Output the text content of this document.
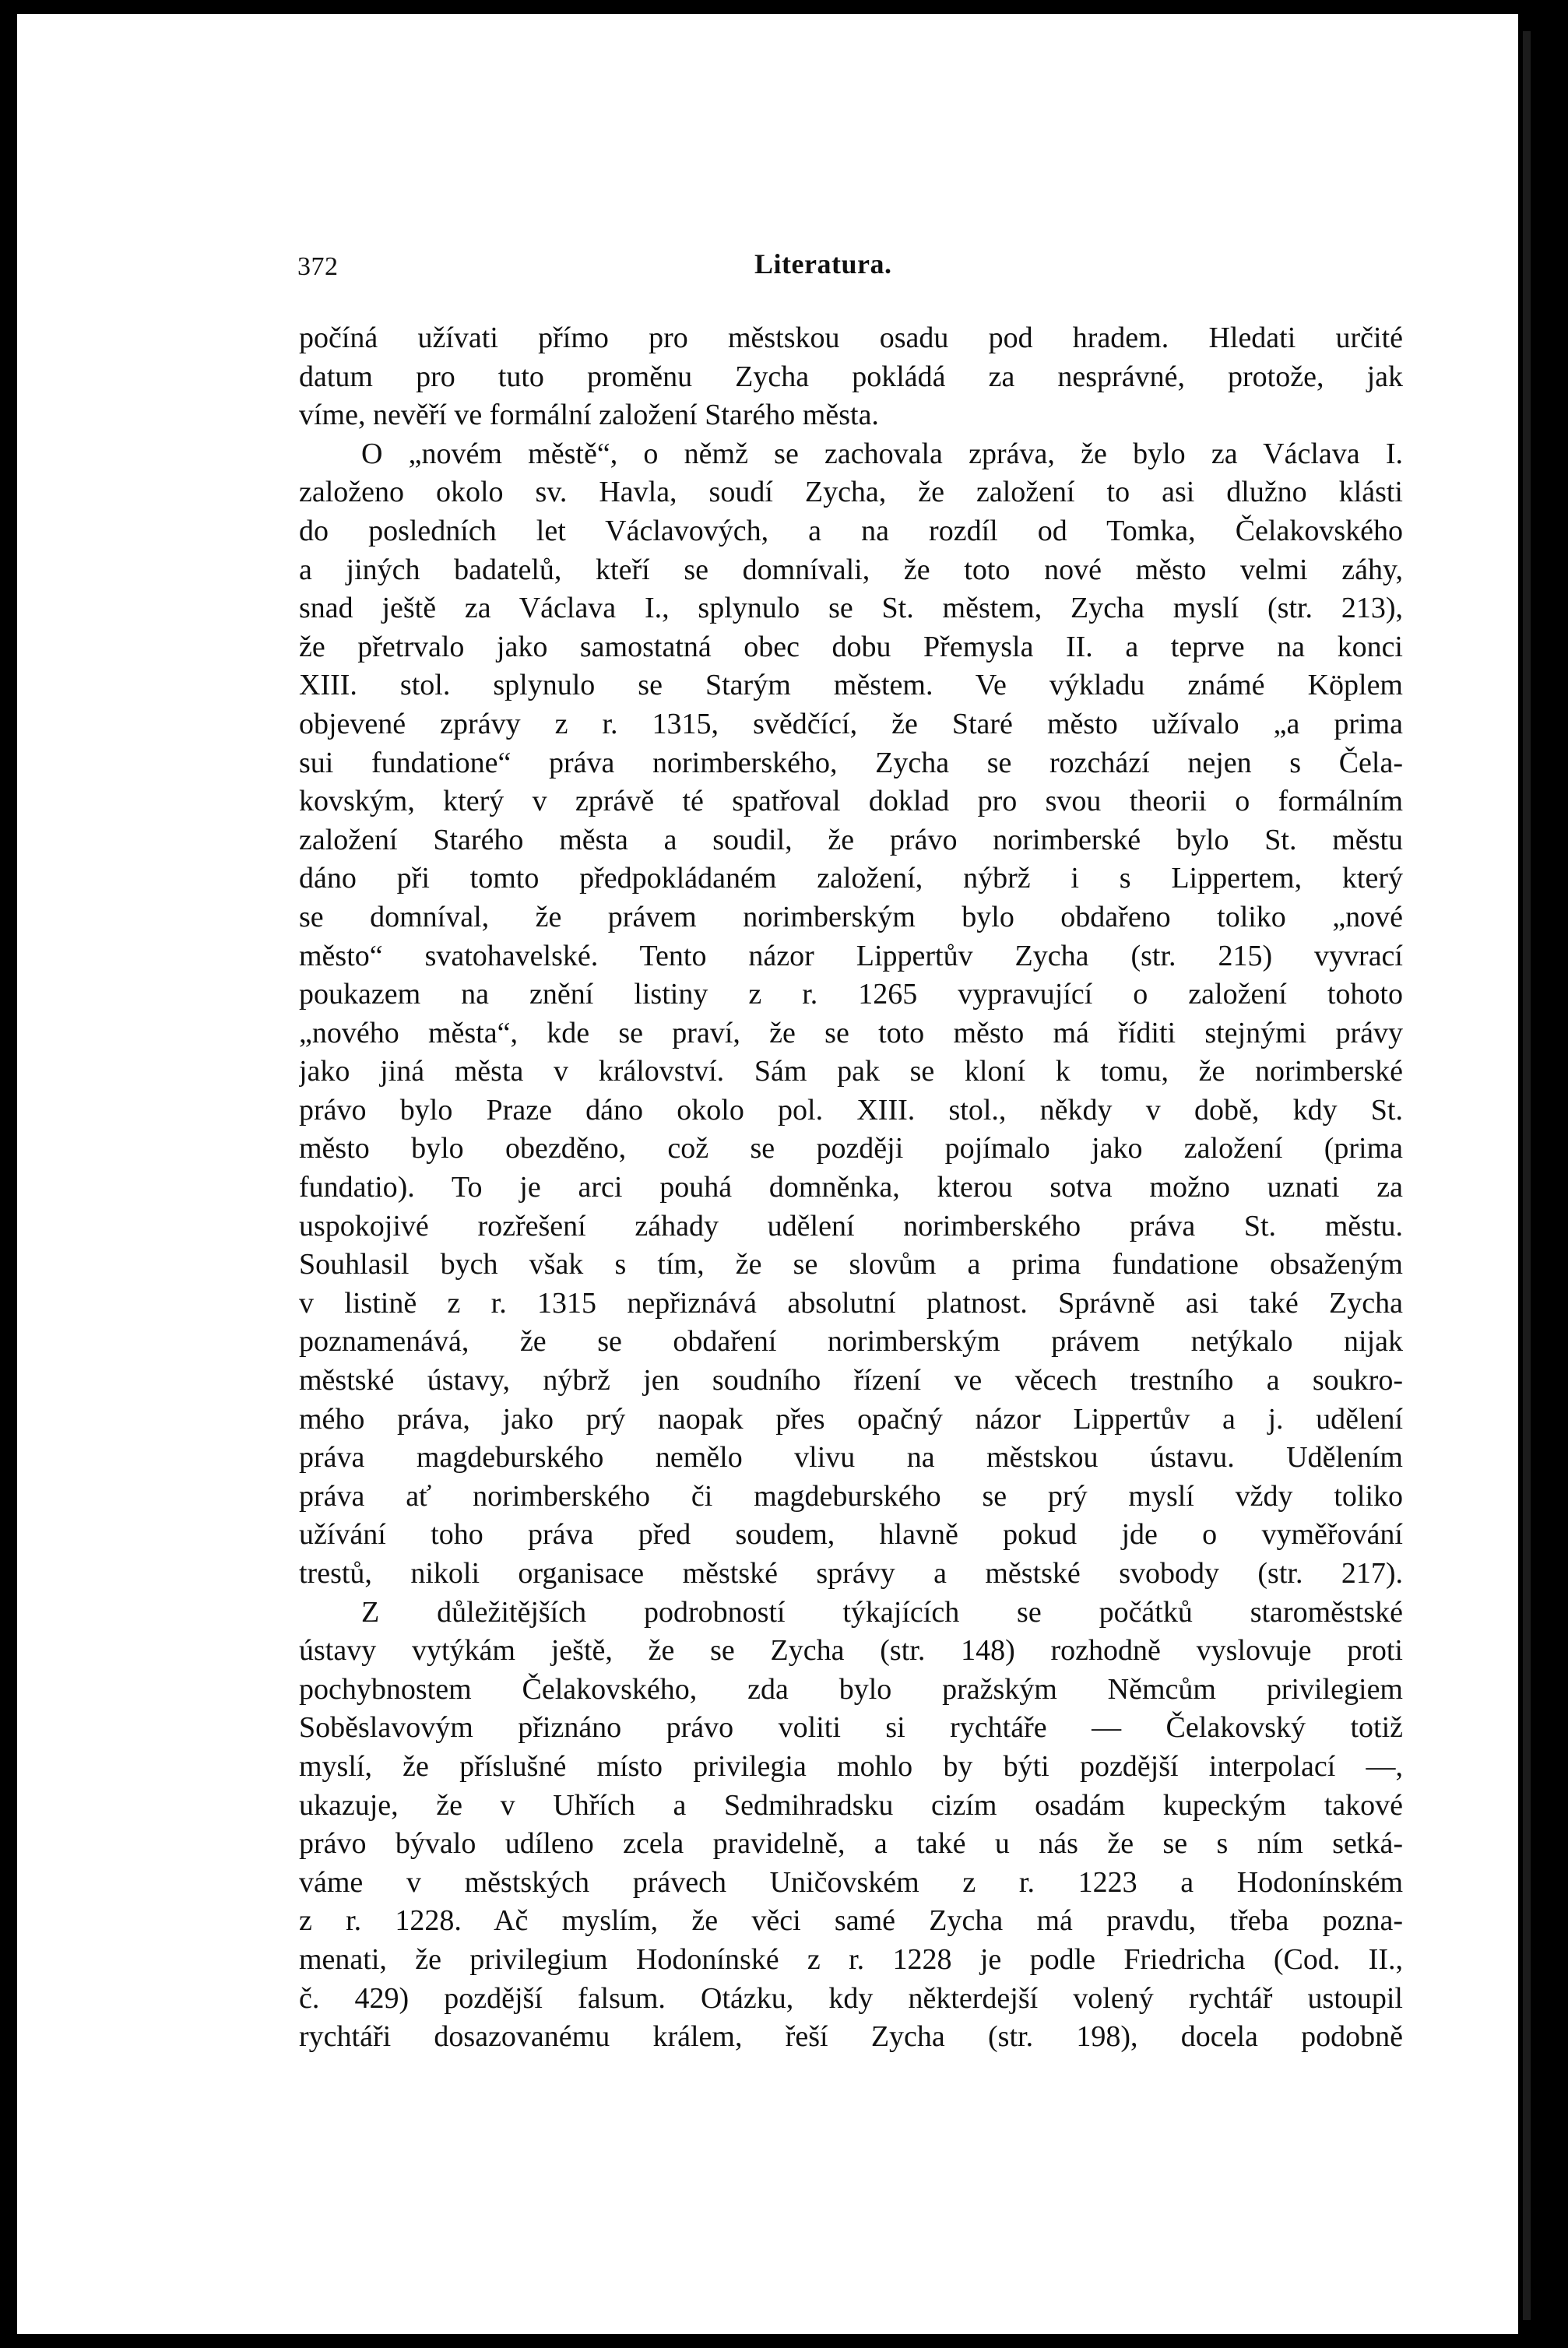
372	Literatura.
počíná užívati přímo pro městskou osadu pod hradem. Hledati určité
datum pro tuto proměnu Zycha pokládá za nesprávné, protože, jak
víme, nevěří ve formální založení Starého města.
O „novém městě“, o němž se zachovala zpráva, že bylo za Václava I.
založeno okolo sv. Havla, soudí Zycha, že založení to asi dlužno klásti
do posledních let Václavových, a na rozdíl od Tomka, Čelakovského
a jiných badatelů, kteří se domnívali, že toto nové město velmi záhy,
snad ještě za Václava I., splynulo se St. městem, Zycha myslí (str. 213),
že přetrvalo jako samostatná obec dobu Přemysla II. a teprve na konci
XIII. stol. splynulo se Starým městem. Ve výkladu známé Köplem
objevené zprávy z r. 1315, svědčící, že Staré město užívalo „a prima
sui fundatione“ práva norimberského, Zycha se rozchází nejen s Čela-
kovským, který v zprávě té spatřoval doklad pro svou theorii o formálním
založení Starého města a soudil, že právo norimberské bylo St. městu
dáno při tomto předpokládaném založení, nýbrž i s Lippertem, který
se domníval, že právem norimberským bylo obdařeno toliko „nové
město“ svatohavelské. Tento názor Lippertův Zycha (str. 215) vyvrací
poukazem na znění listiny z r. 1265 vypravující o založení tohoto
„nového města“, kde se praví, že se toto město má říditi stejnými právy
jako jiná města v království. Sám pak se kloní k tomu, že norimberské
právo bylo Praze dáno okolo pol. XIII. stol., někdy v době, kdy St.
město bylo obezděno, což se později pojímalo jako založení (prima
fundatio). To je arci pouhá domněnka, kterou sotva možno uznati za
uspokojivé rozřešení záhady udělení norimberského práva St. městu.
Souhlasil bych však s tím, že se slovům a prima fundatione obsaženým
v listině z r. 1315 nepřiznává absolutní platnost. Správně asi také Zycha
poznamenává, že se obdaření norimberským právem netýkalo nijak
městské ústavy, nýbrž jen soudního řízení ve věcech trestního a soukro-
mého práva, jako prý naopak přes opačný názor Lippertův a j. udělení
práva magdeburského nemělo vlivu na městskou ústavu. Udělením
práva ať norimberského či magdeburského se prý myslí vždy toliko
užívání toho práva před soudem, hlavně pokud jde o vyměřování
trestů, nikoli organisace městské správy a městské svobody (str. 217).
Z důležitějších podrobností týkajících se počátků staroměstské
ústavy vytýkám ještě, že se Zycha (str. 148) rozhodně vyslovuje proti
pochybnostem Čelakovského, zda bylo pražským Němcům privilegiem
Soběslavovým přiznáno právo voliti si rychtáře — Čelakovský totiž
myslí, že příslušné místo privilegia mohlo by býti pozdější interpolací —,
ukazuje, že v Uhřích a Sedmihradsku cizím osadám kupeckým takové
právo bývalo udíleno zcela pravidelně, a také u nás že se s ním setká-
váme v městských právech Uničovském z r. 1223 a Hodonínském
z r. 1228. Ač myslím, že věci samé Zycha má pravdu, třeba pozna-
menati, že privilegium Hodonínské z r. 1228 je podle Friedricha (Cod. II.,
č. 429) pozdější falsum. Otázku, kdy některdejší volený rychtář ustoupil
rychtáři dosazovanému králem, řeší Zycha (str. 198), docela podobně
